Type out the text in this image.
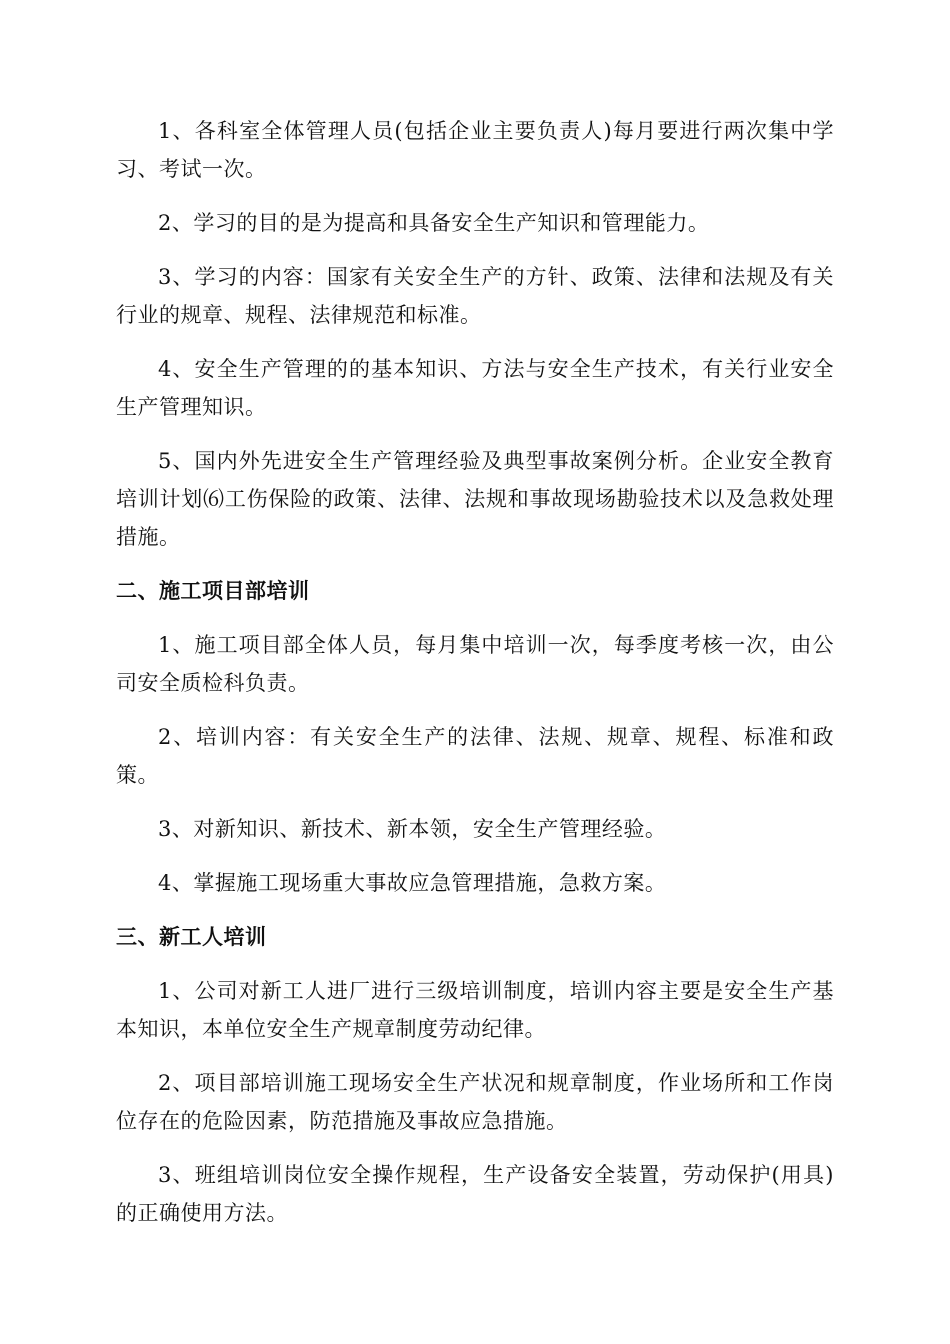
1、各科室全体管理人员(包括企业主要负责人)每月要进行两次集中学习、考试一次。

2、学习的目的是为提高和具备安全生产知识和管理能力。

3、学习的内容：国家有关安全生产的方针、政策、法律和法规及有关行业的规章、规程、法律规范和标准。

4、安全生产管理的的基本知识、方法与安全生产技术，有关行业安全生产管理知识。

5、国内外先进安全生产管理经验及典型事故案例分析。企业安全教育培训计划⑹工伤保险的政策、法律、法规和事故现场勘验技术以及急救处理措施。

二、施工项目部培训

1、施工项目部全体人员，每月集中培训一次，每季度考核一次，由公司安全质检科负责。

2、培训内容：有关安全生产的法律、法规、规章、规程、标准和政策。

3、对新知识、新技术、新本领，安全生产管理经验。

4、掌握施工现场重大事故应急管理措施，急救方案。

三、新工人培训

1、公司对新工人进厂进行三级培训制度，培训内容主要是安全生产基本知识，本单位安全生产规章制度劳动纪律。

2、项目部培训施工现场安全生产状况和规章制度，作业场所和工作岗位存在的危险因素，防范措施及事故应急措施。

3、班组培训岗位安全操作规程，生产设备安全装置，劳动保护(用具)的正确使用方法。
